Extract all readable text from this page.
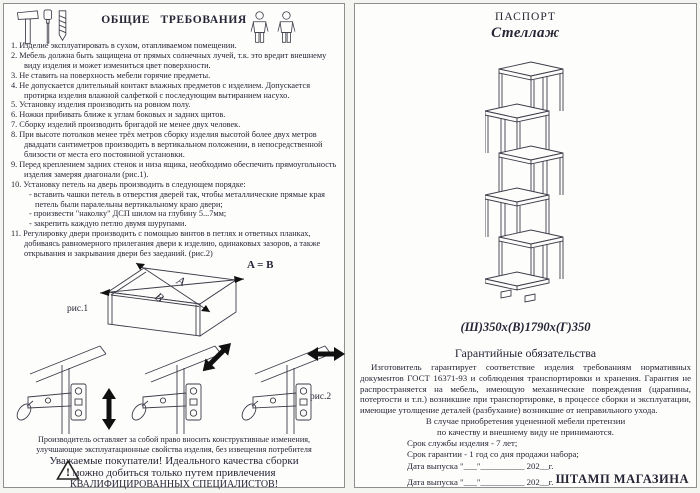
ОБЩИЕ ТРЕБОВАНИЯ
1. Изделие эксплуатировать в сухом, отапливаемом помещении.
2. Мебель должна быть защищена от прямых солнечных лучей, т.к. это вредит внешнему виду изделия и может измениться цвет поверхности.
3. Не ставить на поверхность мебели горячие предметы.
4. Не допускается длительный контакт влажных предметов с изделием. Допускается протирка изделия влажной салфеткой с последующим вытиранием насухо.
5. Установку изделия производить на ровном полу.
6. Ножки прибивать ближе к углам боковых и задних щитов.
7. Сборку изделий производить бригадой не менее двух человек.
8. При высоте потолков менее трёх метров сборку изделия высотой более двух метров двадцати сантиметров производить в вертикальном положении, в непосредственной близости от места его постоянной установки.
9. Перед креплением задних стенок и низа ящика, необходимо обеспечить прямоугольность изделия замеряя диагонали (рис.1).
10. Установку петель на дверь производить в следующем порядке:
- вставить чашки петель в отверстия дверей так, чтобы металлические прямые края петель были паралельны вертикальному краю двери;
- произвести "наколку" ДСП шилом на глубину 5...7мм;
- закрепить каждую петлю двумя шурупами.
11. Регулировку двери производить с помощью винтов в петлях и ответных планках, добиваясь равномерного прилегания двери к изделию, одинаковых зазоров, а также открывания и закрывания двери без заеданий. (рис.2)
A
B
рис.1
A = B
рис.2
Производитель оставляет за собой право вносить конструктивные изменения,
улучшающие эксплуатационные свойства изделия, без извещения потребителя
!
Уважаемые покупатели! Идеального качества сборки
можно добиться только путем привлечения
КВАЛИФИЦИРОВАННЫХ СПЕЦИАЛИСТОВ!
ПАСПОРТ
Стеллаж
(Ш)350х(В)1790х(Г)350
Гарантийные обязательства
Изготовитель гарантирует соответствие изделия требованиям нормативных документов ГОСТ 16371-93 и соблюдения транспортировки и хранения. Гарантия не распространяется на мебель, имеющую механические повреждения (царапины, потертости и т.п.) возникшие при транспортировке, в процессе сборки и эксплуатации, имеющие утолщение деталей (разбухание) возникшие от неправильного ухода.
В случае приобретения уцененной мебели претензии
по качеству и внешнему виду не принимаются.
Срок службы изделия - 7 лет;
Срок гарантии - 1 год со дня продажи набора;
Дата выпуска "___"__________ 202__г.
Дата выпуска "___"__________ 202__г. ШТАМП МАГАЗИНА
